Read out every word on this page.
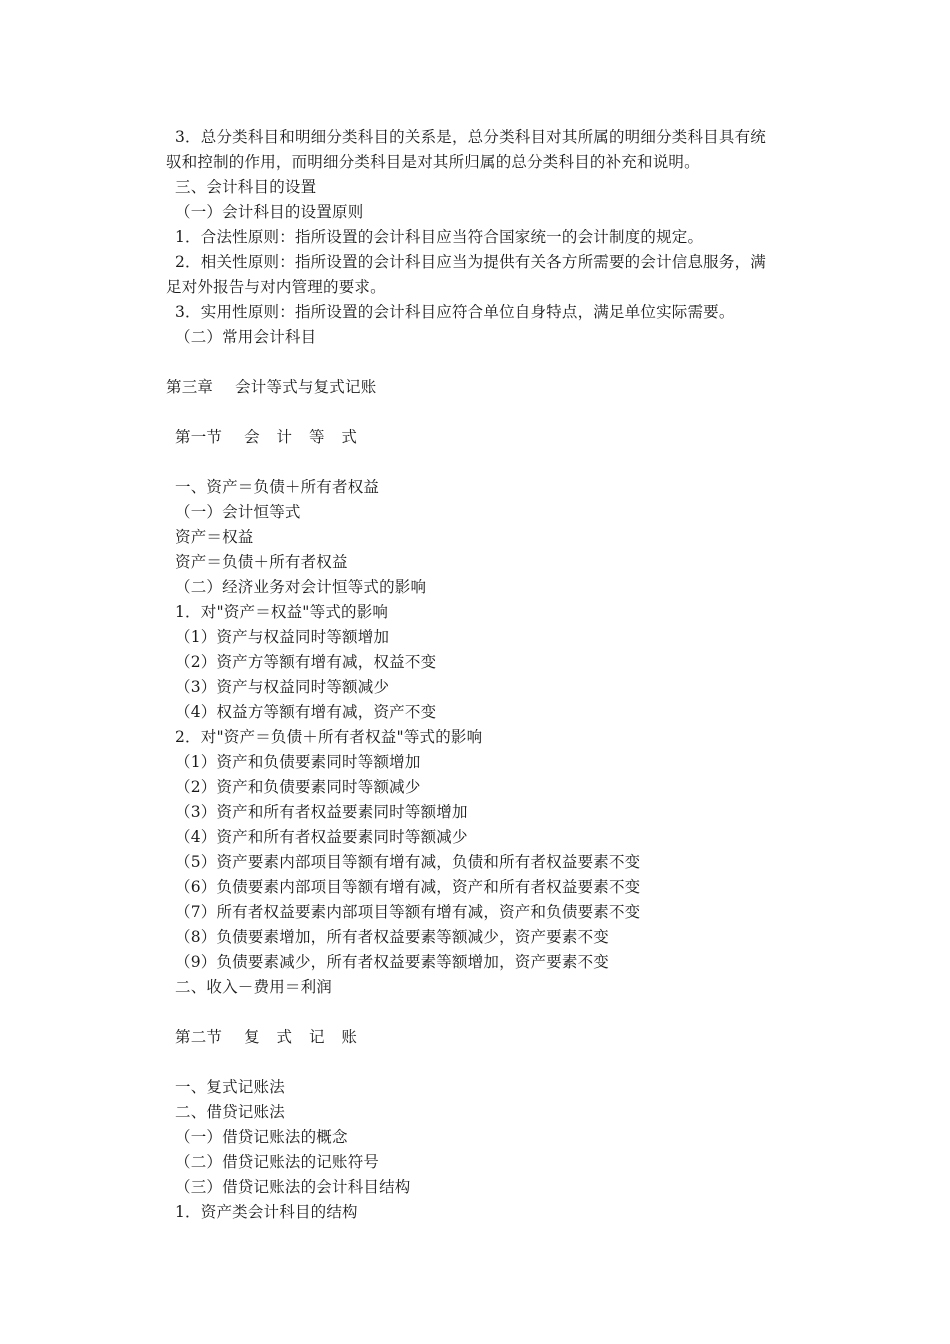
3．总分类科目和明细分类科目的关系是，总分类科目对其所属的明细分类科目具有统
驭和控制的作用，而明细分类科目是对其所归属的总分类科目的补充和说明。
三、会计科目的设置
（一）会计科目的设置原则
1．合法性原则：指所设置的会计科目应当符合国家统一的会计制度的规定。
2．相关性原则：指所设置的会计科目应当为提供有关各方所需要的会计信息服务，满
足对外报告与对内管理的要求。
3．实用性原则：指所设置的会计科目应符合单位自身特点，满足单位实际需要。
（二）常用会计科目
第三章 会计等式与复式记账
第一节 会 计 等 式
一、资产＝负债＋所有者权益
（一）会计恒等式
资产＝权益
资产＝负债＋所有者权益
（二）经济业务对会计恒等式的影响
1．对"资产＝权益"等式的影响
（1）资产与权益同时等额增加
（2）资产方等额有增有减，权益不变
（3）资产与权益同时等额减少
（4）权益方等额有增有减，资产不变
2．对"资产＝负债＋所有者权益"等式的影响
（1）资产和负债要素同时等额增加
（2）资产和负债要素同时等额减少
（3）资产和所有者权益要素同时等额增加
（4）资产和所有者权益要素同时等额减少
（5）资产要素内部项目等额有增有减，负债和所有者权益要素不变
（6）负债要素内部项目等额有增有减，资产和所有者权益要素不变
（7）所有者权益要素内部项目等额有增有减，资产和负债要素不变
（8）负债要素增加，所有者权益要素等额减少，资产要素不变
（9）负债要素减少，所有者权益要素等额增加，资产要素不变
二、收入－费用＝利润
第二节 复 式 记 账
一、复式记账法
二、借贷记账法
（一）借贷记账法的概念
（二）借贷记账法的记账符号
（三）借贷记账法的会计科目结构
1．资产类会计科目的结构
